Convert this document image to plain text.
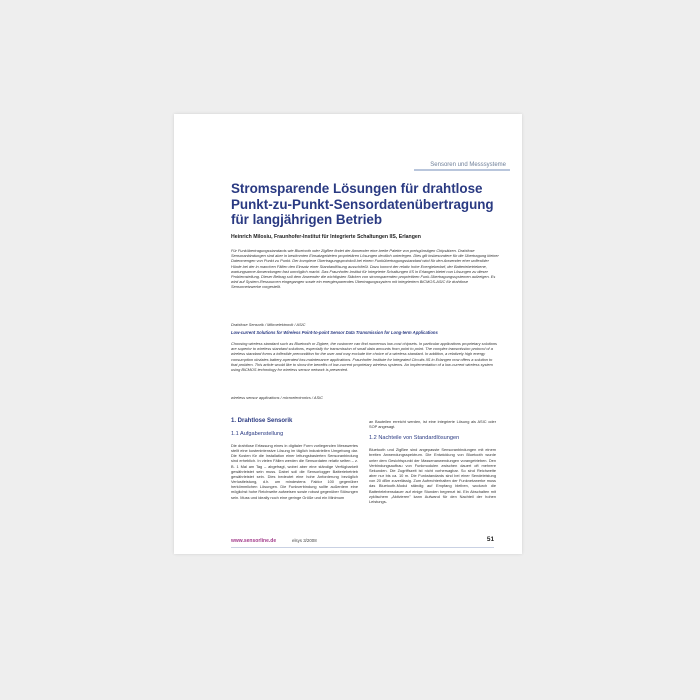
Sensoren und Messsysteme
Stromsparende Lösungen für drahtlose
Punkt-zu-Punkt-Sensordatenübertragung
für langjährigen Betrieb
Heinrich Milosiu, Fraunhofer-Institut für Integrierte Schaltungen IIS, Erlangen
Für Funkübertragungsstandards wie Bluetooth oder ZigBee findet der Anwender eine breite Palette von preisgünstigen Chipsätzen. Drahtlose Sensoranbindungen sind aber in bestimmten Einsatzgebieten proprietären Lösungen deutlich unterlegen. Dies gilt insbesondere für die Übertragung kleiner Datenmengen von Punkt zu Punkt. Der komplexe Übertragungsprotokoll bei einem Funkübertragungsstandard wird für den Anwender eher unflexibler Hürde bei der in manchen Fällen den Einsatz einer Standardlösung ausschließt. Dazu kommt der relativ hohe Energiebedarf, der Batteriebetriebene, wartungsarme Anwendungen fast unmöglich macht. Das Fraunhofer-Institut für Integrierte Schaltungen IIS in Erlangen bietet nun Lösungen zu dieser Problemstellung. Dieser Beitrag soll dem Anwender die wichtigsten Stärken von stromsparenden proprietären Funk-Übertragungssystemen aufzeigen. Es wird auf System-Ressourcen eingegangen sowie ein energiesparendes Übertragungssystem mit integriertem BiCMOS-ASIC für drahtlose Sensornetzwerke vorgestellt.
Drahtlose Sensorik / Mikroelektronik / ASIC
Low-current Solutions for Wireless Point-to-point Sensor Data Transmission for Long-term Applications
Choosing wireless standard such as Bluetooth or Zigbee, the customer can find numerous low-cost chipsets. In particular applications proprietary solutions are superior to wireless standard solutions, especially for transmission of small data amounts from point to point. The complex transmission protocol of a wireless standard forms a inflexible precondition for the user and may exclude the choice of a wireless standard. In addition, a relatively high energy consumption obviates battery-operated low-maintenance applications. Fraunhofer Institute for Integrated Circuits IIS in Erlangen now offers a solution to that problem. This article would like to show the benefits of low-current proprietary wireless systems. An implementation of a low-current wireless system using BiCMOS technology for wireless sensor network is presented.
wireless sensor applications / microelectronics / ASIC
1. Drahtlose Sensorik
1.1 Aufgabenstellung

Die drahtlose Erfassung eines in digitaler Form vorliegenden Messwertes stellt eine kostenintensive Lösung im täglich industriellen Umgebung dar. Die Kosten für die Installation einer leitungsbasierten Sensoranbindung sind erheblich. In vielen Fällen werden die Sensordaten relativ selten – z. B. 1 Mal am Tag – abgefragt, wobei aber eine ständige Verfügbarkeit gewährleistet sein muss. Dabei soll die Sensorlogger Batteriebetrieb gewährleistet sein. Dies bedeutet eine hohe Anforderung bezüglich Verlustleistung, d.h. um mindestens Faktor 100 gegenüber herkömmlichen Lösungen. Die Funkverbindung sollte außerdem eine möglichst hohe Reichweite aufweisen sowie robust gegenüber Störungen sein. Muss und ideally noch eine geringe Größe und ein Minimum

an Bauteilen erreicht werden, ist eine integrierte Lösung als ASIC oder SOP angesagt.

1.2 Nachteile von Standardlösungen

Bluetooth und ZigBee sind angepasste Sensoranbindungen mit einem breiten Anwendungsspektrum. Die Entwicklung von Bluetooth wurde unter dem Gesichtspunkt der Massenanwendungen vorangetrieben. Den Verbindungsaufbau von Funkmodulen zwischen dauert oft mehrere Sekunden. Die Zugriffszeit ist nicht vorhersagbar. So sind Reichweite aber nur bis ca. 10 m. Die Funkstandards sind bei einer Sendeleistung von 20 dBm zuverlässig. Zum Aufrechterhalten der Funknetzwerke muss das Bluetooth-Modul ständig auf Empfang bleiben, wodurch die Batterielebensdauer auf einige Stunden begrenzt ist. Ein Abschalten mit zyklischem „Aktivieren" kann Aufwand für den Nachteil der hohen Leistungs-

www.sensorline.de	elsys 3/2008	51
